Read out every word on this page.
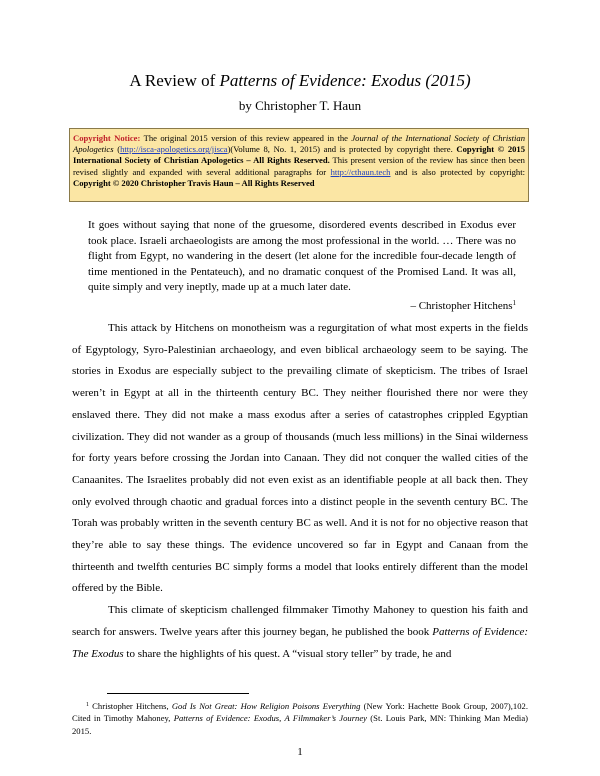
A Review of Patterns of Evidence: Exodus (2015)
by Christopher T. Haun
Copyright Notice: The original 2015 version of this review appeared in the Journal of the International Society of Christian Apologetics (http://isca-apologetics.org/jisca)(Volume 8, No. 1, 2015) and is protected by copyright there. Copyright © 2015 International Society of Christian Apologetics – All Rights Reserved. This present version of the review has since then been revised slightly and expanded with several additional paragraphs for http://cthaun.tech and is also protected by copyright: Copyright © 2020 Christopher Travis Haun – All Rights Reserved

It goes without saying that none of the gruesome, disordered events described in Exodus ever took place. Israeli archaeologists are among the most professional in the world. … There was no flight from Egypt, no wandering in the desert (let alone for the incredible four-decade length of time mentioned in the Pentateuch), and no dramatic conquest of the Promised Land. It was all, quite simply and very ineptly, made up at a much later date.

– Christopher Hitchens$^1$

This attack by Hitchens on monotheism was a regurgitation of what most experts in the fields of Egyptology, Syro-Palestinian archaeology, and even biblical archaeology seem to be saying. The stories in Exodus are especially subject to the prevailing climate of skepticism. The tribes of Israel weren’t in Egypt at all in the thirteenth century BC. They neither flourished there nor were they enslaved there. They did not make a mass exodus after a series of catastrophes crippled Egyptian civilization. They did not wander as a group of thousands (much less millions) in the Sinai wilderness for forty years before crossing the Jordan into Canaan. They did not conquer the walled cities of the Canaanites. The Israelites probably did not even exist as an identifiable people at all back then. They only evolved through chaotic and gradual forces into a distinct people in the seventh century BC. The Torah was probably written in the seventh century BC as well. And it is not for no objective reason that they’re able to say these things. The evidence uncovered so far in Egypt and Canaan from the thirteenth and twelfth centuries BC simply forms a model that looks entirely different than the model offered by the Bible.

This climate of skepticism challenged filmmaker Timothy Mahoney to question his faith and search for answers. Twelve years after this journey began, he published the book Patterns of Evidence: The Exodus to share the highlights of his quest. A “visual story teller” by trade, he and

$^1$ Christopher Hitchens, God Is Not Great: How Religion Poisons Everything (New York: Hachette Book Group, 2007),102. Cited in Timothy Mahoney, Patterns of Evidence: Exodus, A Filmmaker’s Journey (St. Louis Park, MN: Thinking Man Media) 2015.
1
